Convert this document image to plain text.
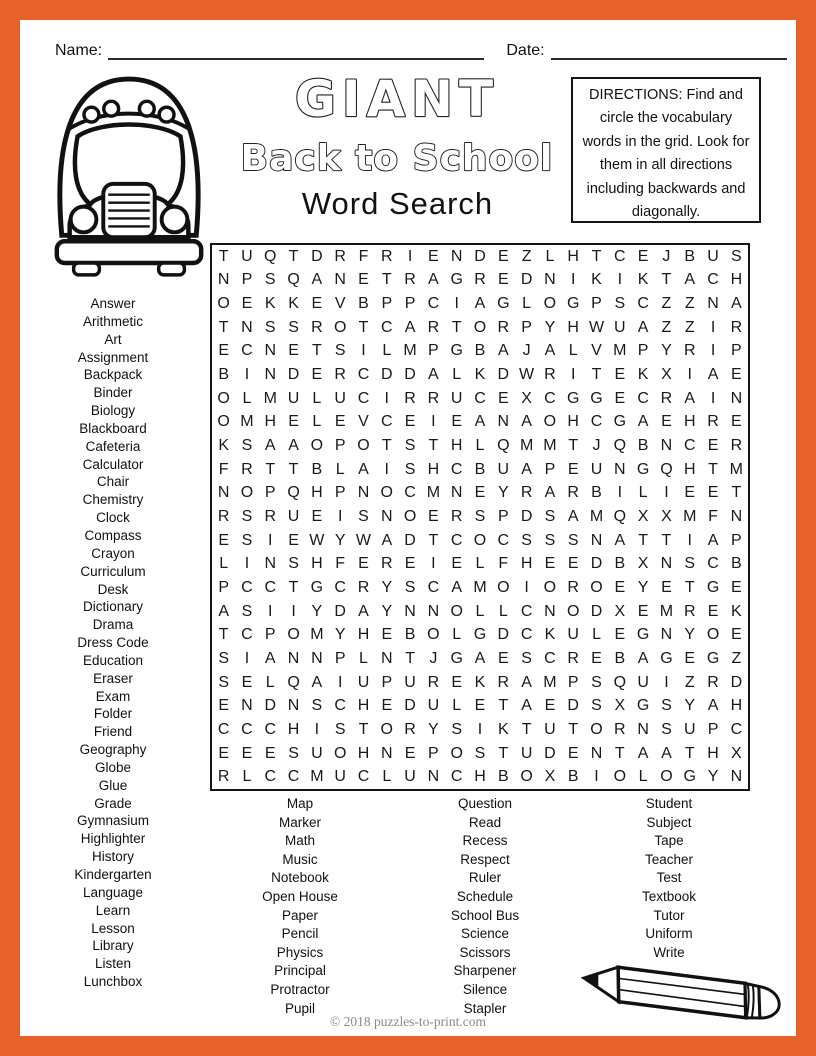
Name:	Date:
GIANT
Back to School
Word Search
DIRECTIONS: Find and circle the vocabulary words in the grid. Look for them in all directions including backwards and diagonally.
Answer
Arithmetic
Art
Assignment
Backpack
Binder
Biology
Blackboard
Cafeteria
Calculator
Chair
Chemistry
Clock
Compass
Crayon
Curriculum
Desk
Dictionary
Drama
Dress Code
Education
Eraser
Exam
Folder
Friend
Geography
Globe
Glue
Grade
Gymnasium
Highlighter
History
Kindergarten
Language
Learn
Lesson
Library
Listen
Lunchbox
T U Q T D R F R I E N D E Z L H T C E J B U S
N P S Q A N E T R A G R E D N I K I K T A C H
O E K K E V B P P C I A G L O G P S C Z Z N A
T N S S R O T C A R T O R P Y H W U A Z Z	I R
E C N E T S I	L M P G B A J A L V M P Y R I P
B I N D E R C D D A L K D W R I	T E K X I A E
O L M U L U C I R R U C E X C G G E C R A I N
O M H E L E V C E I E A N A O H C G A E H R E
K S A A O P O T S T H L Q M M T J Q B N C E R
F R T T B L A I S H C B U A P E U N G Q H T M
N O P Q H P N O C M N E Y R A R B I	L	I E E T
R S R U E I S N O E R S P D S A M Q X X M F N
E S I E W Y W A D T C O C S S S N A T T	I A P
L	I N S H F E R E I E L F H E E D B X N S C B
P C C T G C R Y S C A M O I O R O E Y E T G E
A S I	I Y D A Y N N O L L C N O D X E M R E K
T C P O M Y H E B O L G D C K U L E G N Y O E
S I A N N P L N T J G A E S C R E B A G E G Z
S E L Q A I U P U R E K R A M P S Q U I	Z R D
E N D N S C H E D U L E T A E D S X G S Y A H
C C C H I S T O R Y S I K T U T O R N S U P C
E E E S U O H N E P O S T U D E N T A A T H X
R L C C M U C L U N C H B O X B I O L O G Y N
Map
Marker
Math
Music
Notebook
Open House
Paper
Pencil
Physics
Principal
Protractor
Pupil
Question
Read
Recess
Respect
Ruler
Schedule
School Bus
Science
Scissors
Sharpener
Silence
Stapler
Student
Subject
Tape
Teacher
Test
Textbook
Tutor
Uniform
Write
© 2018 puzzles-to-print.com
